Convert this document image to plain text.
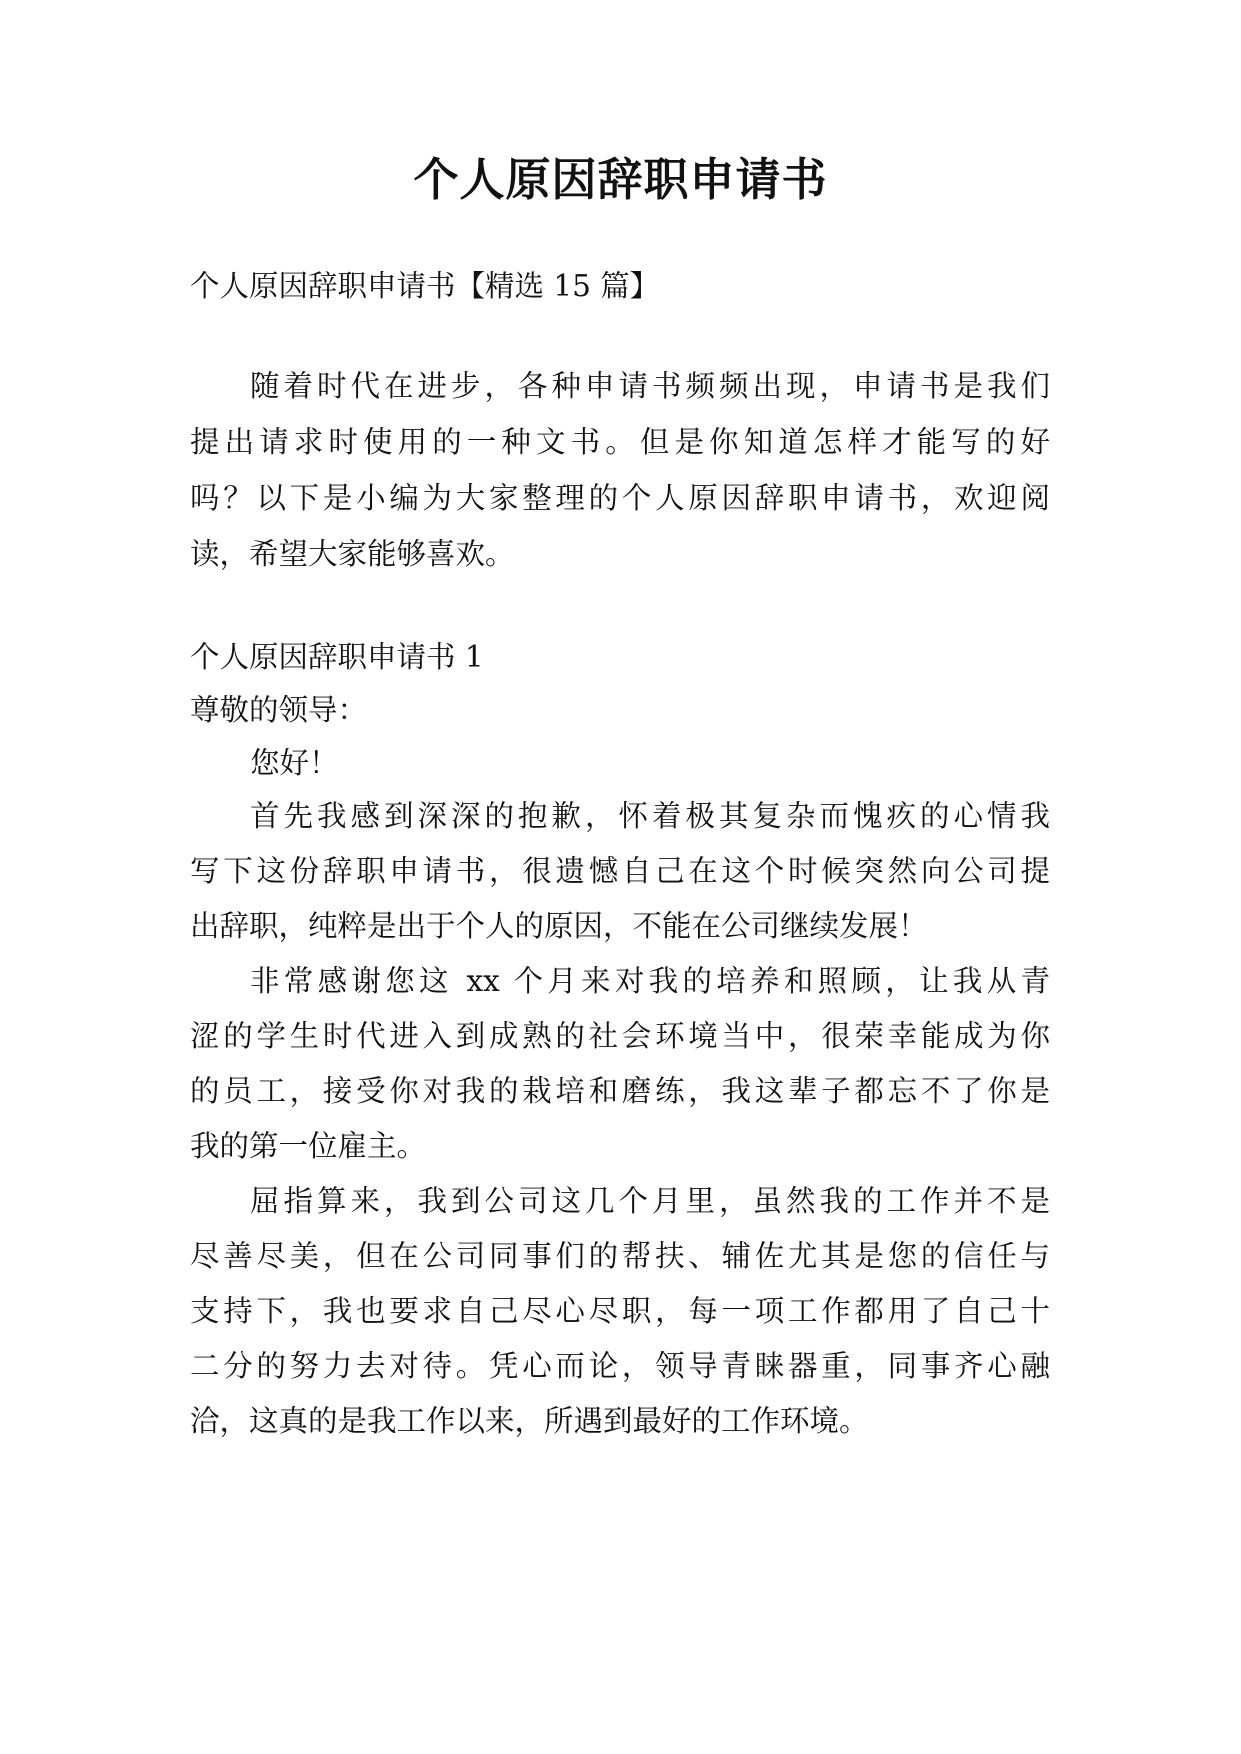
个人原因辞职申请书
个人原因辞职申请书【精选 15 篇】
随着时代在进步，各种申请书频频出现，申请书是我们
提出请求时使用的一种文书。但是你知道怎样才能写的好
吗？以下是小编为大家整理的个人原因辞职申请书，欢迎阅
读，希望大家能够喜欢。
个人原因辞职申请书 1
尊敬的领导：
您好！
首先我感到深深的抱歉，怀着极其复杂而愧疚的心情我
写下这份辞职申请书，很遗憾自己在这个时候突然向公司提
出辞职，纯粹是出于个人的原因，不能在公司继续发展！
非常感谢您这 xx 个月来对我的培养和照顾，让我从青
涩的学生时代进入到成熟的社会环境当中，很荣幸能成为你
的员工，接受你对我的栽培和磨练，我这辈子都忘不了你是
我的第一位雇主。
屈指算来，我到公司这几个月里，虽然我的工作并不是
尽善尽美，但在公司同事们的帮扶、辅佐尤其是您的信任与
支持下，我也要求自己尽心尽职，每一项工作都用了自己十
二分的努力去对待。凭心而论，领导青睐器重，同事齐心融
洽，这真的是我工作以来，所遇到最好的工作环境。
